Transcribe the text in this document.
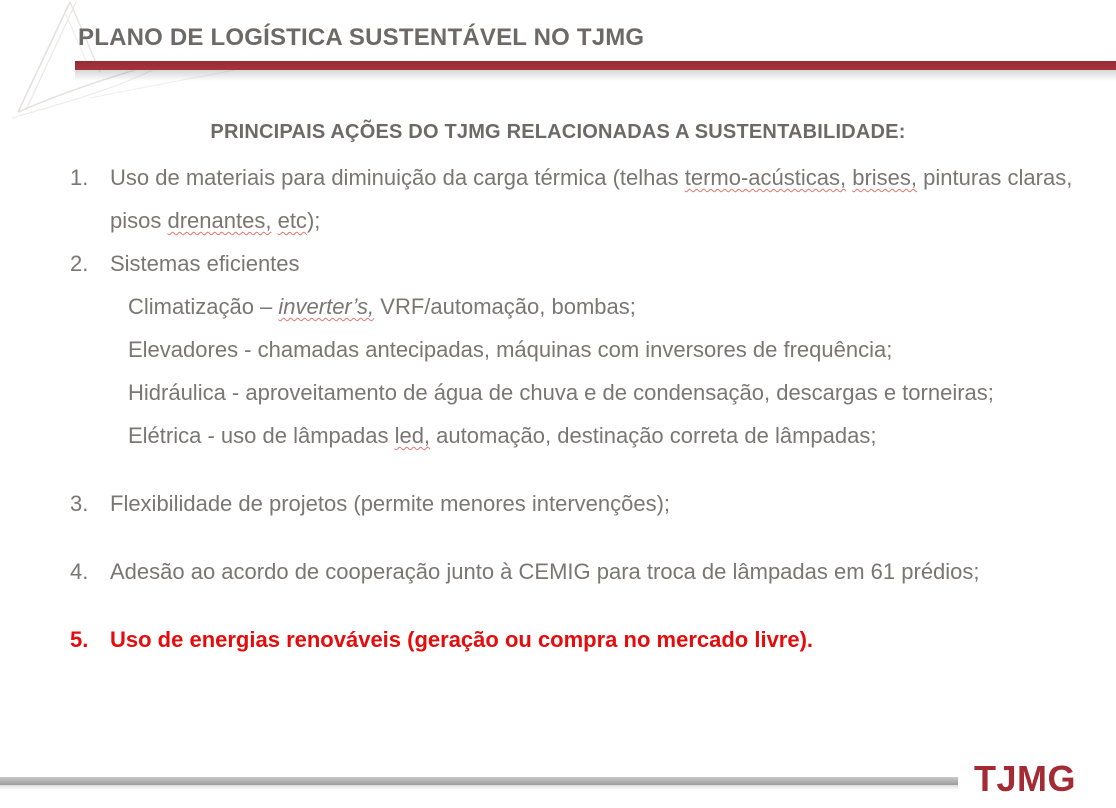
PLANO DE LOGÍSTICA SUSTENTÁVEL NO TJMG
PRINCIPAIS AÇÕES DO TJMG RELACIONADAS A SUSTENTABILIDADE:
1. Uso de materiais para diminuição da carga térmica (telhas termo-acústicas, brises, pinturas claras, pisos drenantes, etc);
2. Sistemas eficientes
Climatização – inverter’s, VRF/automação, bombas;
Elevadores - chamadas antecipadas, máquinas com inversores de frequência;
Hidráulica - aproveitamento de água de chuva e de condensação, descargas e torneiras;
Elétrica - uso de lâmpadas led, automação, destinação correta de lâmpadas;
3. Flexibilidade de projetos (permite menores intervenções);
4. Adesão ao acordo de cooperação junto à CEMIG para troca de lâmpadas em 61 prédios;
5. Uso de energias renováveis (geração ou compra no mercado livre).
TJMG
